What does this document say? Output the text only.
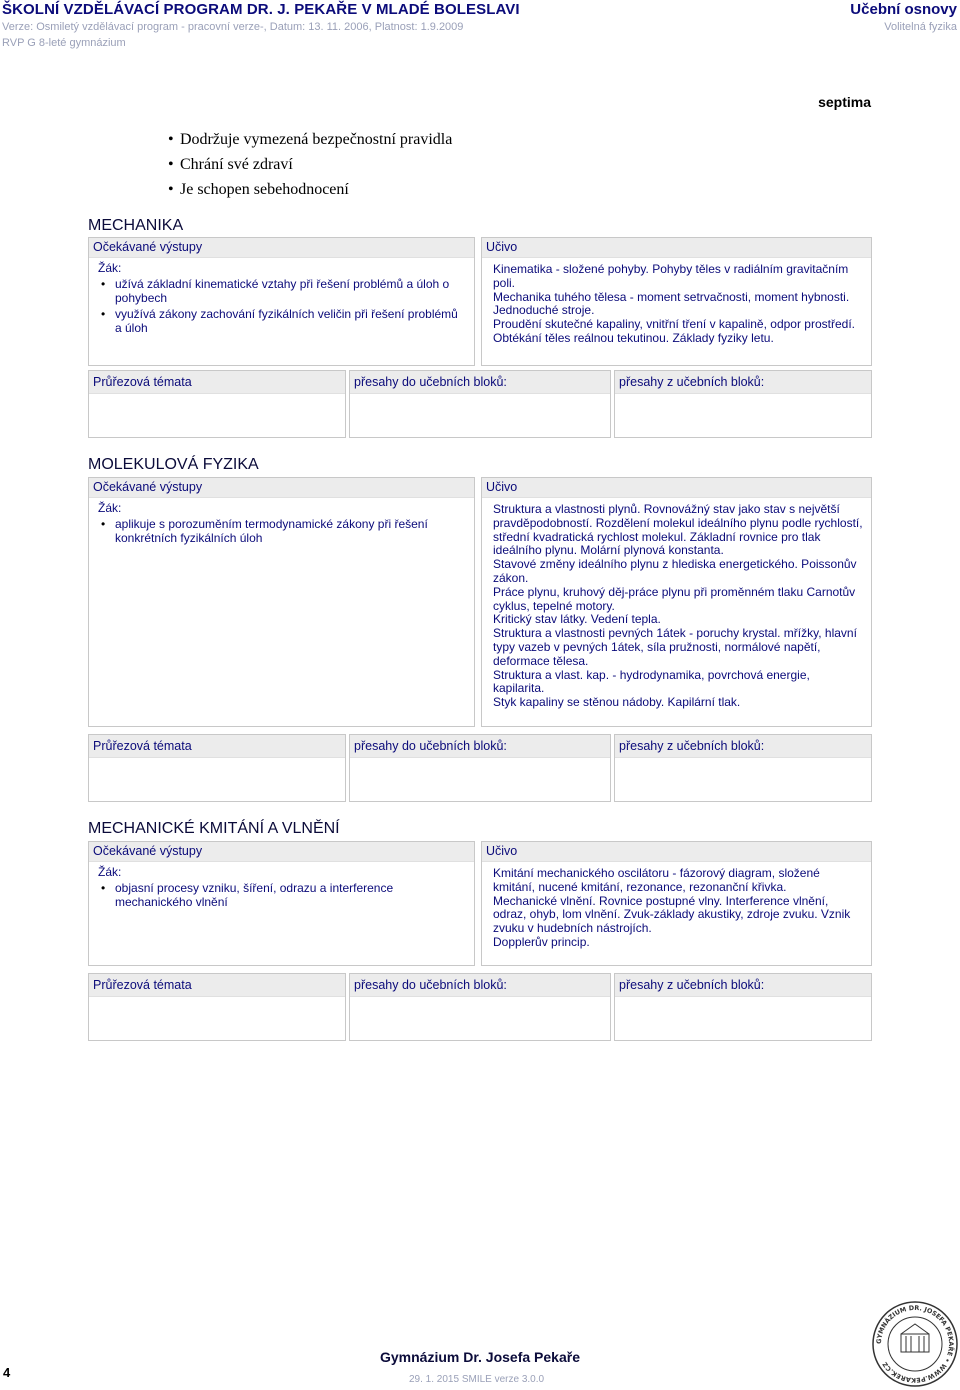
ŠKOLNÍ VZDĚLÁVACÍ PROGRAM DR. J. PEKAŘE V MLADÉ BOLESLAVI
Verze: Osmiletý vzdělávací program - pracovní verze-, Datum: 13. 11. 2006, Platnost: 1.9.2009
RVP G 8-leté gymnázium
Učební osnovy
Volitelná fyzika
septima
• Dodržuje vymezená bezpečnostní pravidla
• Chrání své zdraví
• Je schopen sebehodnocení
MECHANIKA
Očekávané výstupy
Žák:
• užívá základní kinematické vztahy při řešení problémů a úloh o pohybech
• využívá zákony zachování fyzikálních veličin při řešení problémů a úloh
Učivo
Kinematika - složené pohyby. Pohyby těles v radiálním gravitačním poli.
Mechanika tuhého tělesa - moment setrvačnosti, moment hybnosti.
Jednoduché stroje.
Proudění skutečné kapaliny, vnitřní tření v kapalině, odpor prostředí.
Obtékání těles reálnou tekutinou. Základy fyziky letu.
Průřezová témata	přesahy do učebních bloků:	přesahy z učebních bloků:
MOLEKULOVÁ FYZIKA
Očekávané výstupy
Žák:
• aplikuje s porozuměním termodynamické zákony při řešení konkrétních fyzikálních úloh
Učivo
Struktura a vlastnosti plynů. Rovnovážný stav jako stav s největší pravděpodobností. Rozdělení molekul ideálního plynu podle rychlostí, střední kvadratická rychlost molekul. Základní rovnice pro tlak ideálního plynu. Molární plynová konstanta.
Stavové změny ideálního plynu z hlediska energetického. Poissonův zákon.
Práce plynu, kruhový děj-práce plynu při proměnném tlaku Carnotův cyklus, tepelné motory.
Kritický stav látky. Vedení tepla.
Struktura a vlastnosti pevných 1átek - poruchy krystal. mřížky, hlavní typy vazeb v pevných 1átek, síla pružnosti, normálové napětí, deformace tělesa.
Struktura a vlast. kap. - hydrodynamika, povrchová energie, kapilarita.
Styk kapaliny se stěnou nádoby. Kapilární tlak.
Průřezová témata	přesahy do učebních bloků:	přesahy z učebních bloků:
MECHANICKÉ KMITÁNÍ A VLNĚNÍ
Očekávané výstupy
Žák:
• objasní procesy vzniku, šíření, odrazu a interference mechanického vlnění
Učivo
Kmitání mechanického oscilátoru - fázorový diagram, složené kmitání, nucené kmitání, rezonance, rezonanční křivka.
Mechanické vlnění. Rovnice postupné vlny. Interference vlnění, odraz, ohyb, lom vlnění. Zvuk-základy akustiky, zdroje zvuku. Vznik zvuku v hudebních nástrojích.
Dopplerův princip.
Průřezová témata	přesahy do učebních bloků:	přesahy z učebních bloků:
4
Gymnázium Dr. Josefa Pekaře
29. 1. 2015 SMILE verze 3.0.0
GYMNÁZIUM DR. JOSEFA PEKAŘE • WWW.PEKAREK.CZ
